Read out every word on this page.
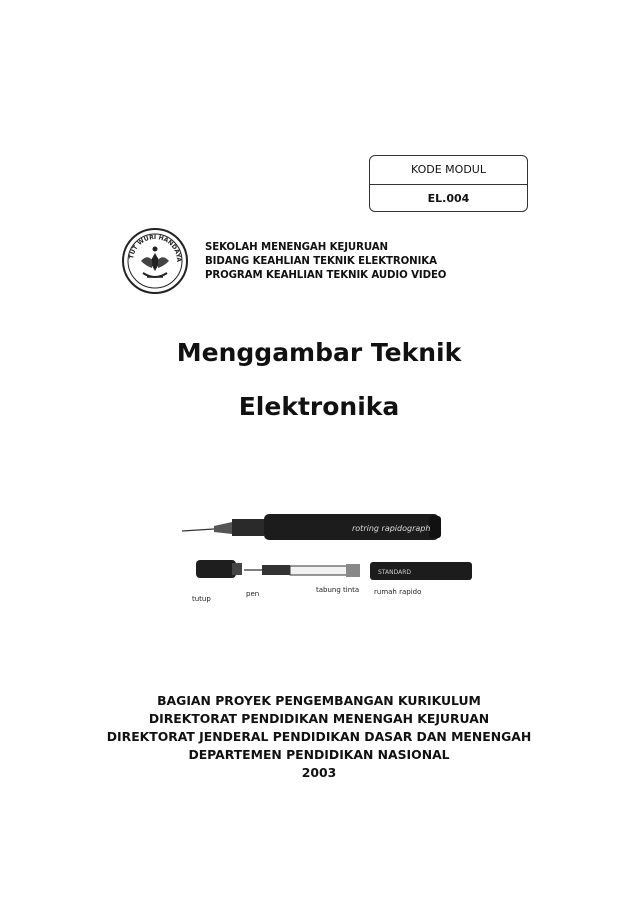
KODE MODUL
EL.004
TUT WURI HANDAYA
SEKOLAH MENENGAH KEJURUAN
BIDANG KEAHLIAN TEKNIK ELEKTRONIKA
PROGRAM KEAHLIAN TEKNIK AUDIO VIDEO
Menggambar Teknik
Elektronika
rotring rapidograph
STANDARD
tutup
pen	tabung tinta rumah rapido
BAGIAN PROYEK PENGEMBANGAN KURIKULUM
DIREKTORAT PENDIDIKAN MENENGAH KEJURUAN
DIREKTORAT JENDERAL PENDIDIKAN DASAR DAN MENENGAH
DEPARTEMEN PENDIDIKAN NASIONAL
2003
